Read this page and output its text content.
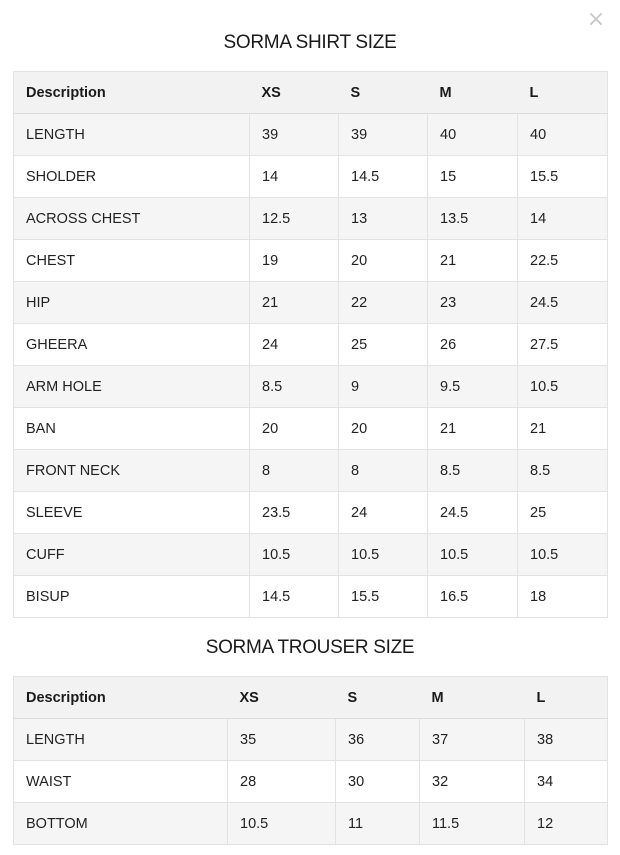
×
SORMA SHIRT SIZE
Description	XS	S	M	L
LENGTH	39	39	40	40
SHOLDER	14	14.5	15	15.5
ACROSS CHEST	12.5	13	13.5	14
CHEST	19	20	21	22.5
HIP	21	22	23	24.5
GHEERA	24	25	26	27.5
ARM HOLE	8.5	9	9.5	10.5
BAN	20	20	21	21
FRONT NECK	8	8	8.5	8.5
SLEEVE	23.5	24	24.5	25
CUFF	10.5	10.5	10.5	10.5
BISUP	14.5	15.5	16.5	18
SORMA TROUSER SIZE
Description	XS	S	M	L
LENGTH	35	36	37	38
WAIST	28	30	32	34
BOTTOM	10.5	11	11.5	12
